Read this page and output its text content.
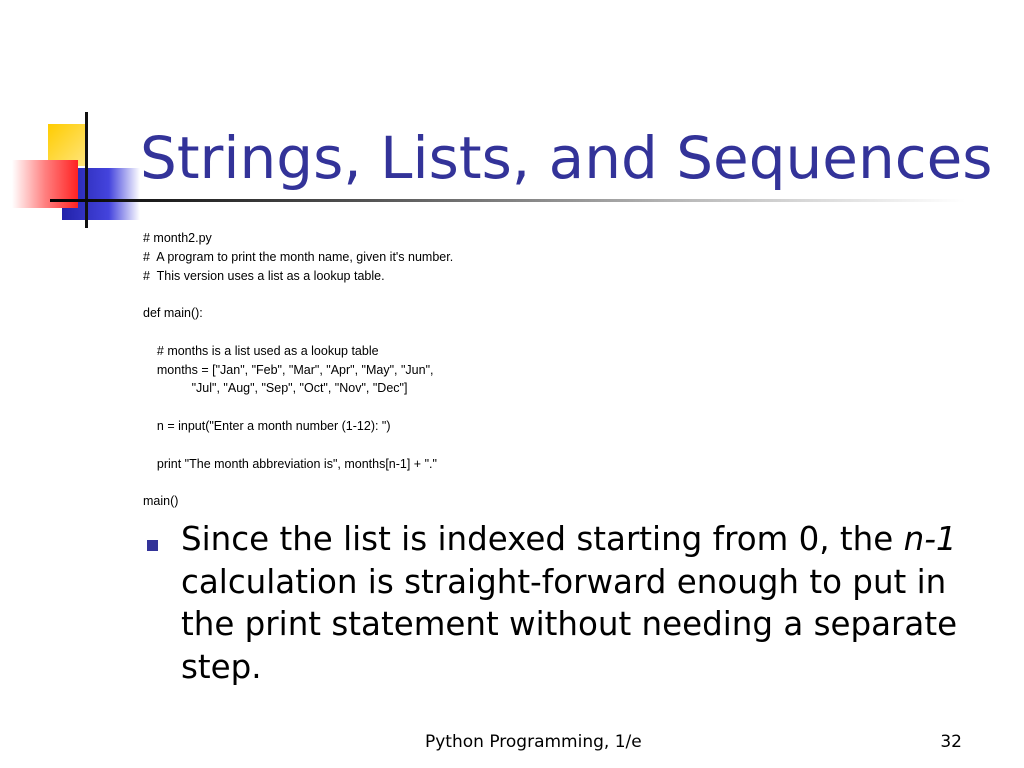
Strings, Lists, and Sequences
# month2.py
#  A program to print the month name, given it's number.
#  This version uses a list as a lookup table.
def main():
# months is a list used as a lookup table
months = ["Jan", "Feb", "Mar", "Apr", "May", "Jun",
"Jul", "Aug", "Sep", "Oct", "Nov", "Dec"]
n = input("Enter a month number (1-12): ")
print "The month abbreviation is", months[n-1] + "."
main()

Since the list is indexed starting from 0, the n-1 calculation is straight-forward enough to put in the print statement without needing a separate step.

Python Programming, 1/e	32
